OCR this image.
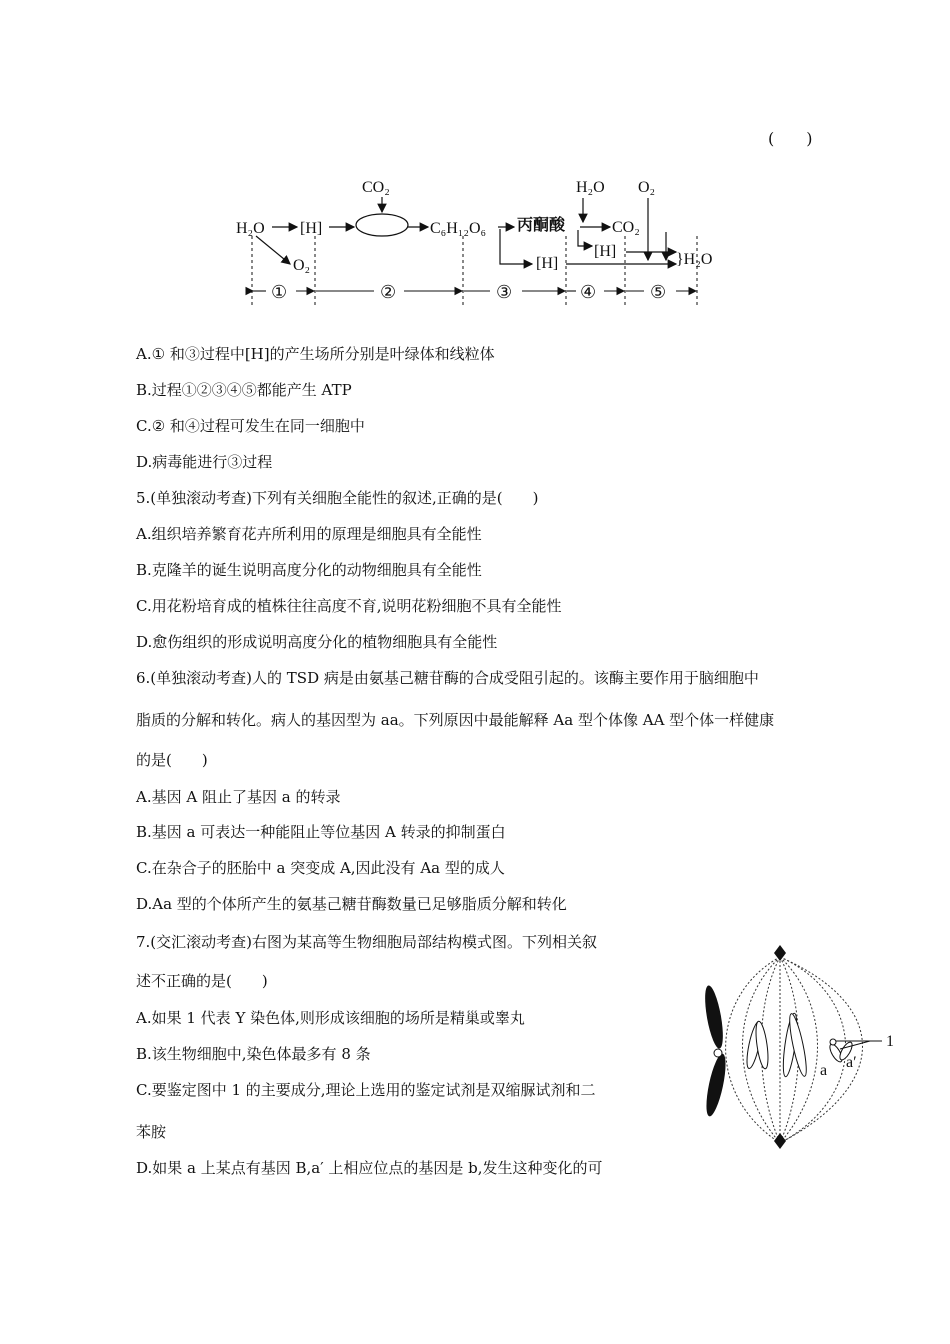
(　　)
H₂O [H]
CO₂
O₂
C₆H₁₂O₆ 丙酮酸
H₂O O₂
CO₂
[H]
[H]	}H₂O
①	②	③	④	⑤
A.① 和③过程中[H]的产生场所分别是叶绿体和线粒体
B.过程①②③④⑤都能产生 ATP
C.② 和④过程可发生在同一细胞中
D.病毒能进行③过程
5.(单独滚动考查)下列有关细胞全能性的叙述,正确的是(　　)
A.组织培养繁育花卉所利用的原理是细胞具有全能性
B.克隆羊的诞生说明高度分化的动物细胞具有全能性
C.用花粉培育成的植株往往高度不育,说明花粉细胞不具有全能性
D.愈伤组织的形成说明高度分化的植物细胞具有全能性
6.(单独滚动考查)人的 TSD 病是由氨基己糖苷酶的合成受阻引起的。该酶主要作用于脑细胞中
脂质的分解和转化。病人的基因型为 aa。下列原因中最能解释 Aa 型个体像 AA 型个体一样健康
的是(　　)
A.基因 A 阻止了基因 a 的转录
B.基因 a 可表达一种能阻止等位基因 A 转录的抑制蛋白
C.在杂合子的胚胎中 a 突变成 A,因此没有 Aa 型的成人
D.Aa 型的个体所产生的氨基己糖苷酶数量已足够脂质分解和转化
7.(交汇滚动考查)右图为某高等生物细胞局部结构模式图。下列相关叙
述不正确的是(　　)
A.如果 1 代表 Y 染色体,则形成该细胞的场所是精巢或睾丸
B.该生物细胞中,染色体最多有 8 条
C.要鉴定图中 1 的主要成分,理论上选用的鉴定试剂是双缩脲试剂和二
苯胺
D.如果 a 上某点有基因 B,a′ 上相应位点的基因是 b,发生这种变化的可
1
a a′
